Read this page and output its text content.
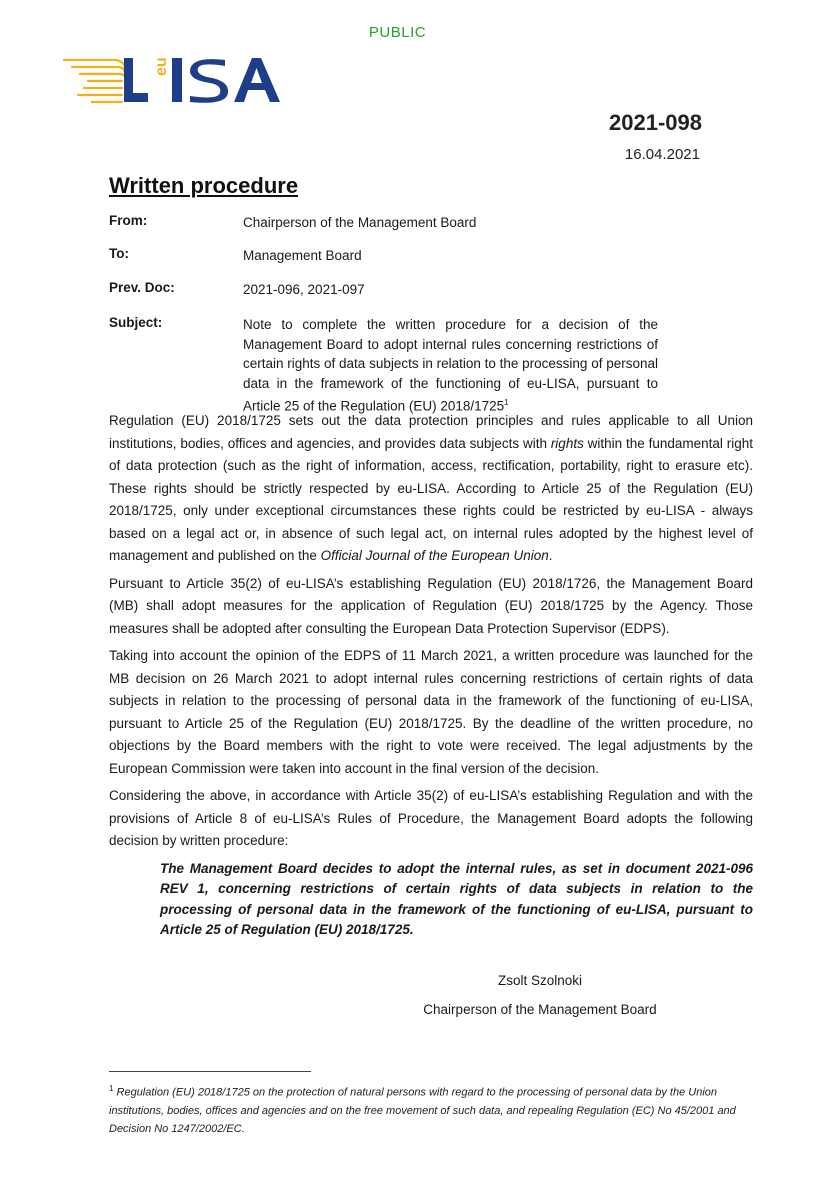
PUBLIC
eu
2021-098
16.04.2021
Written procedure
From:	Chairperson of the Management Board
To:	Management Board
Prev. Doc:	2021-096, 2021-097
Subject:	Note to complete the written procedure for a decision of the Management Board to adopt internal rules concerning restrictions of certain rights of data subjects in relation to the processing of personal data in the framework of the functioning of eu-LISA, pursuant to Article 25 of the Regulation (EU) 2018/1725$^1$

Regulation (EU) 2018/1725 sets out the data protection principles and rules applicable to all Union institutions, bodies, offices and agencies, and provides data subjects with rights within the fundamental right of data protection (such as the right of information, access, rectification, portability, right to erasure etc). These rights should be strictly respected by eu-LISA. According to Article 25 of the Regulation (EU) 2018/1725, only under exceptional circumstances these rights could be restricted by eu-LISA - always based on a legal act or, in absence of such legal act, on internal rules adopted by the highest level of management and published on the Official Journal of the European Union.

Pursuant to Article 35(2) of eu-LISA’s establishing Regulation (EU) 2018/1726, the Management Board (MB) shall adopt measures for the application of Regulation (EU) 2018/1725 by the Agency. Those measures shall be adopted after consulting the European Data Protection Supervisor (EDPS).

Taking into account the opinion of the EDPS of 11 March 2021, a written procedure was launched for the MB decision on 26 March 2021 to adopt internal rules concerning restrictions of certain rights of data subjects in relation to the processing of personal data in the framework of the functioning of eu-LISA, pursuant to Article 25 of the Regulation (EU) 2018/1725. By the deadline of the written procedure, no objections by the Board members with the right to vote were received. The legal adjustments by the European Commission were taken into account in the final version of the decision.

Considering the above, in accordance with Article 35(2) of eu-LISA’s establishing Regulation and with the provisions of Article 8 of eu-LISA’s Rules of Procedure, the Management Board adopts the following decision by written procedure:

The Management Board decides to adopt the internal rules, as set in document 2021-096 REV 1, concerning restrictions of certain rights of data subjects in relation to the processing of personal data in the framework of the functioning of eu-LISA, pursuant to Article 25 of Regulation (EU) 2018/1725.
Zsolt Szolnoki
Chairperson of the Management Board
$^1$ Regulation (EU) 2018/1725 on the protection of natural persons with regard to the processing of personal data by the Union institutions, bodies, offices and agencies and on the free movement of such data, and repealing Regulation (EC) No 45/2001 and Decision No 1247/2002/EC.
